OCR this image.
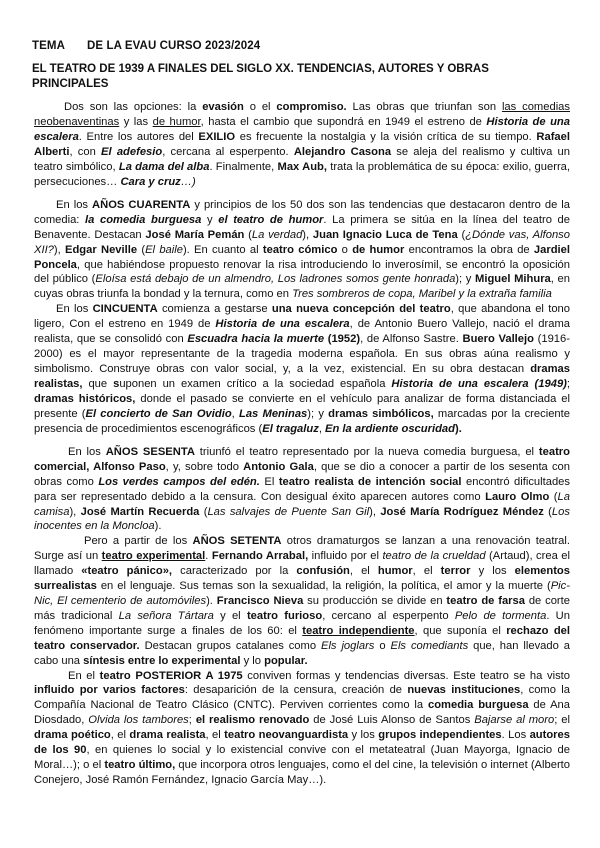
TEMA DE LA EVAU CURSO 2023/2024
EL TEATRO DE 1939 A FINALES DEL SIGLO XX. TENDENCIAS, AUTORES Y OBRAS PRINCIPALES

Dos son las opciones: la evasión o el compromiso. Las obras que triunfan son las comedias neobenaventinas y las de humor, hasta el cambio que supondrá en 1949 el estreno de Historia de una escalera. Entre los autores del EXILIO es frecuente la nostalgia y la visión crítica de su tiempo. Rafael Alberti, con El adefesio, cercana al esperpento. Alejandro Casona se aleja del realismo y cultiva un teatro simbólico, La dama del alba. Finalmente, Max Aub, trata la problemática de su época: exilio, guerra, persecuciones… Cara y cruz…)

En los AÑOS CUARENTA y principios de los 50 dos son las tendencias que destacaron dentro de la comedia: la comedia burguesa y el teatro de humor. La primera se sitúa en la línea del teatro de Benavente. Destacan José María Pemán (La verdad), Juan Ignacio Luca de Tena (¿Dónde vas, Alfonso XII?), Edgar Neville (El baile). En cuanto al teatro cómico o de humor encontramos la obra de Jardiel Poncela, que habiéndose propuesto renovar la risa introduciendo lo inverosímil, se encontró la oposición del público (Eloísa está debajo de un almendro, Los ladrones somos gente honrada); y Miguel Mihura, en cuyas obras triunfa la bondad y la ternura, como en Tres sombreros de copa, Maribel y la extraña familia

En los CINCUENTA comienza a gestarse una nueva concepción del teatro, que abandona el tono ligero, Con el estreno en 1949 de Historia de una escalera, de Antonio Buero Vallejo, nació el drama realista, que se consolidó con Escuadra hacia la muerte (1952), de Alfonso Sastre. Buero Vallejo (1916-2000) es el mayor representante de la tragedia moderna española. En sus obras aúna realismo y simbolismo. Construye obras con valor social, y, a la vez, existencial. En su obra destacan dramas realistas, que suponen un examen crítico a la sociedad española Historia de una escalera (1949); dramas históricos, donde el pasado se convierte en el vehículo para analizar de forma distanciada el presente (El concierto de San Ovidio, Las Meninas); y dramas simbólicos, marcadas por la creciente presencia de procedimientos escenográficos (El tragaluz, En la ardiente oscuridad).

En los AÑOS SESENTA triunfó el teatro representado por la nueva comedia burguesa, el teatro comercial, Alfonso Paso, y, sobre todo Antonio Gala, que se dio a conocer a partir de los sesenta con obras como Los verdes campos del edén. El teatro realista de intención social encontró dificultades para ser representado debido a la censura. Con desigual éxito aparecen autores como Lauro Olmo (La camisa), José Martín Recuerda (Las salvajes de Puente San Gil), José María Rodríguez Méndez (Los inocentes en la Moncloa).

Pero a partir de los AÑOS SETENTA otros dramaturgos se lanzan a una renovación teatral. Surge así un teatro experimental. Fernando Arrabal, influido por el teatro de la crueldad (Artaud), crea el llamado «teatro pánico», caracterizado por la confusión, el humor, el terror y los elementos surrealistas en el lenguaje. Sus temas son la sexualidad, la religión, la política, el amor y la muerte (Pic-Nic, El cementerio de automóviles). Francisco Nieva su producción se divide en teatro de farsa de corte más tradicional La señora Tártara y el teatro furioso, cercano al esperpento Pelo de tormenta. Un fenómeno importante surge a finales de los 60: el teatro independiente, que suponía el rechazo del teatro conservador. Destacan grupos catalanes como Els joglars o Els comediants que, han llevado a cabo una síntesis entre lo experimental y lo popular.

En el teatro POSTERIOR A 1975 conviven formas y tendencias diversas. Este teatro se ha visto influido por varios factores: desaparición de la censura, creación de nuevas instituciones, como la Compañía Nacional de Teatro Clásico (CNTC). Perviven corrientes como la comedia burguesa de Ana Diosdado, Olvida los tambores; el realismo renovado de José Luis Alonso de Santos Bajarse al moro; el drama poético, el drama realista, el teatro neovanguardista y los grupos independientes. Los autores de los 90, en quienes lo social y lo existencial convive con el metateatral (Juan Mayorga, Ignacio de Moral…); o el teatro último, que incorpora otros lenguajes, como el del cine, la televisión o internet (Alberto Conejero, José Ramón Fernández, Ignacio García May…).
